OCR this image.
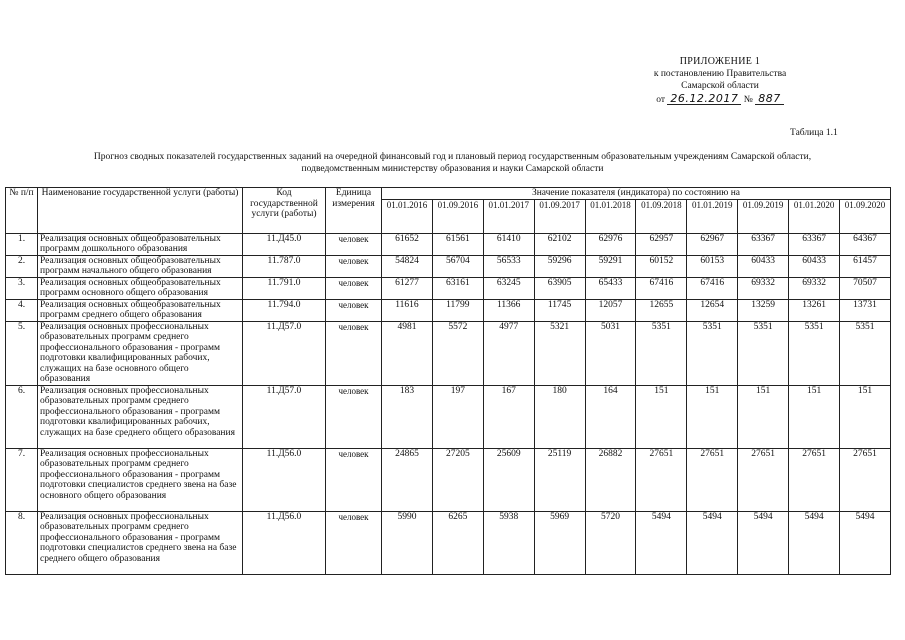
ПРИЛОЖЕНИЕ 1
к постановлению Правительства
Самарской области
от 26.12.2017 № 887
Таблица 1.1
Прогноз сводных показателей государственных заданий на очередной финансовый год и плановый период государственным образовательным учреждениям Самарской области,
подведомственным министерству образования и науки Самарской области
№ п/п	Наименование государственной услуги (работы)	Код государственной услуги (работы)	Единица измерения	Значение показателя (индикатора) по состоянию на									
				01.01.2016	01.09.2016	01.01.2017	01.09.2017	01.01.2018	01.09.2018	01.01.2019	01.09.2019	01.01.2020	01.09.2020
1.	Реализация основных общеобразовательных программ дошкольного образования	11.Д45.0	человек	61652	61561	61410	62102	62976	62957	62967	63367	63367	64367
2.	Реализация основных общеобразовательных программ начального общего образования	11.787.0	человек	54824	56704	56533	59296	59291	60152	60153	60433	60433	61457
3.	Реализация основных общеобразовательных программ основного общего образования	11.791.0	человек	61277	63161	63245	63905	65433	67416	67416	69332	69332	70507
4.	Реализация основных общеобразовательных программ среднего общего образования	11.794.0	человек	11616	11799	11366	11745	12057	12655	12654	13259	13261	13731
5.	Реализация основных профессиональных образовательных программ среднего профессионального образования - программ подготовки квалифицированных рабочих, служащих на базе основного общего образования	11.Д57.0	человек	4981	5572	4977	5321	5031	5351	5351	5351	5351	5351
6.	Реализация основных профессиональных образовательных программ среднего профессионального образования - программ подготовки квалифицированных рабочих, служащих на базе среднего общего образования	11.Д57.0	человек	183	197	167	180	164	151	151	151	151	151
7.	Реализация основных профессиональных образовательных программ среднего профессионального образования - программ подготовки специалистов среднего звена на базе основного общего образования	11.Д56.0	человек	24865	27205	25609	25119	26882	27651	27651	27651	27651	27651
8.	Реализация основных профессиональных образовательных программ среднего профессионального образования - программ подготовки специалистов среднего звена на базе среднего общего образования	11.Д56.0	человек	5990	6265	5938	5969	5720	5494	5494	5494	5494	5494
